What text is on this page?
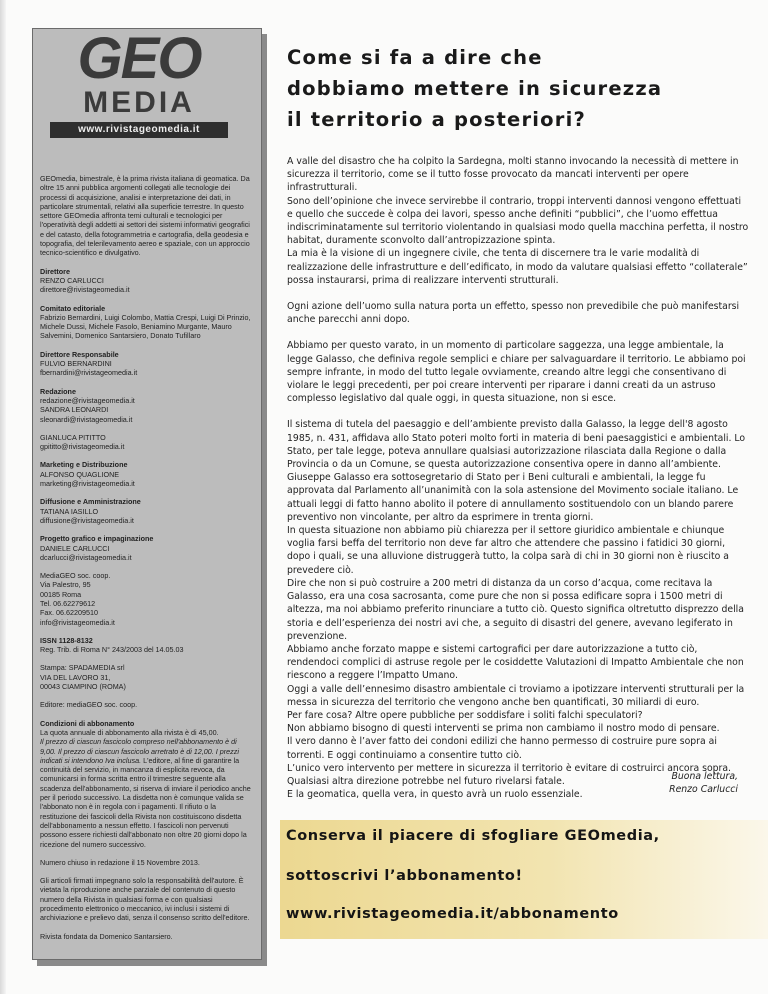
GEO
MEDIA
www.rivistageomedia.it

GEOmedia, bimestrale, è la prima rivista italiana di geomatica. Da oltre 15 anni pubblica argomenti collegati alle tecnologie dei processi di acquisizione, analisi e interpretazione dei dati, in particolare strumentali, relativi alla superficie terrestre. In questo settore GEOmedia affronta temi culturali e tecnologici per l'operatività degli addetti ai settori dei sistemi informativi geografici e del catasto, della fotogrammetria e cartografia, della geodesia e topografia, del telerilevamento aereo e spaziale, con un approccio tecnico-scientifico e divulgativo.

Direttore
RENZO CARLUCCI
direttore@rivistageomedia.it

Comitato editoriale
Fabrizio Bernardini, Luigi Colombo, Mattia Crespi, Luigi Di Prinzio, Michele Dussi, Michele Fasolo, Beniamino Murgante, Mauro Salvemini, Domenico Santarsiero, Donato Tufillaro

Direttore Responsabile
FULVIO BERNARDINI
fbernardini@rivistageomedia.it

Redazione
redazione@rivistageomedia.it
SANDRA LEONARDI
sleonardi@rivistageomedia.it

GIANLUCA PITITTO
gpititto@rivistageomedia.it

Marketing e Distribuzione
ALFONSO QUAGLIONE
marketing@rivistageomedia.it

Diffusione e Amministrazione
TATIANA IASILLO
diffusione@rivistageomedia.it

Progetto grafico e impaginazione
DANIELE CARLUCCI
dcarlucci@rivistageomedia.it

MediaGEO soc. coop.
Via Palestro, 95
00185 Roma
Tel. 06.62279612
Fax. 06.62209510
info@rivistageomedia.it

ISSN 1128-8132
Reg. Trib. di Roma N° 243/2003 del 14.05.03

Stampa: SPADAMEDIA srl
VIA DEL LAVORO 31,
00043 CIAMPINO (ROMA)

Editore: mediaGEO soc. coop.

Condizioni di abbonamento
La quota annuale di abbonamento alla rivista è di 45,00.
Il prezzo di ciascun fascicolo compreso nell'abbonamento è di 9,00. Il prezzo di ciascun fascicolo arretrato è di 12,00. I prezzi indicati si intendono Iva inclusa. L'editore, al fine di garantire la continuità del servizio, in mancanza di esplicita revoca, da comunicarsi in forma scritta entro il trimestre seguente alla scadenza dell'abbonamento, si riserva di inviare il periodico anche per il periodo successivo. La disdetta non è comunque valida se l'abbonato non è in regola con i pagamenti. Il rifiuto o la restituzione dei fascicoli della Rivista non costituiscono disdetta dell'abbonamento a nessun effetto. I fascicoli non pervenuti possono essere richiesti dall'abbonato non oltre 20 giorni dopo la ricezione del numero successivo.

Numero chiuso in redazione il 15 Novembre 2013.

Gli articoli firmati impegnano solo la responsabilità dell'autore. È vietata la riproduzione anche parziale del contenuto di questo numero della Rivista in qualsiasi forma e con qualsiasi procedimento elettronico o meccanico, ivi inclusi i sistemi di archiviazione e prelievo dati, senza il consenso scritto dell'editore.

Rivista fondata da Domenico Santarsiero.

Come si fa a dire che
dobbiamo mettere in sicurezza
il territorio a posteriori?

A valle del disastro che ha colpito la Sardegna, molti stanno invocando la necessità di mettere in sicurezza il territorio, come se il tutto fosse provocato da mancati interventi per opere infrastrutturali.
Sono dell’opinione che invece servirebbe il contrario, troppi interventi dannosi vengono effettuati e quello che succede è colpa dei lavori, spesso anche definiti “pubblici”, che l’uomo effettua indiscriminatamente sul territorio violentando in qualsiasi modo quella macchina perfetta, il nostro habitat, duramente sconvolto dall’antropizzazione spinta.
La mia è la visione di un ingegnere civile, che tenta di discernere tra le varie modalità di realizzazione delle infrastrutture e dell’edificato, in modo da valutare qualsiasi effetto “collaterale” possa instaurarsi, prima di realizzare interventi strutturali.

Ogni azione dell’uomo sulla natura porta un effetto, spesso non prevedibile che può manifestarsi anche parecchi anni dopo.

Abbiamo per questo varato, in un momento di particolare saggezza, una legge ambientale, la legge Galasso, che definiva regole semplici e chiare per salvaguardare il territorio. Le abbiamo poi sempre infrante, in modo del tutto legale ovviamente, creando altre leggi che consentivano di violare le leggi precedenti, per poi creare interventi per riparare i danni creati da un astruso complesso legislativo dal quale oggi, in questa situazione, non si esce.

Il sistema di tutela del paesaggio e dell’ambiente previsto dalla Galasso, la legge dell'8 agosto 1985, n. 431, affidava allo Stato poteri molto forti in materia di beni paesaggistici e ambientali. Lo Stato, per tale legge, poteva annullare qualsiasi autorizzazione rilasciata dalla Regione o dalla Provincia o da un Comune, se questa autorizzazione consentiva opere in danno all’ambiente.
Giuseppe Galasso era sottosegretario di Stato per i Beni culturali e ambientali, la legge fu approvata dal Parlamento all’unanimità con la sola astensione del Movimento sociale italiano. Le attuali leggi di fatto hanno abolito il potere di annullamento sostituendolo con un blando parere preventivo non vincolante, per altro da esprimere in trenta giorni.
In questa situazione non abbiamo più chiarezza per il settore giuridico ambientale e chiunque voglia farsi beffa del territorio non deve far altro che attendere che passino i fatidici 30 giorni, dopo i quali, se una alluvione distruggerà tutto, la colpa sarà di chi in 30 giorni non è riuscito a prevedere ciò.
Dire che non si può costruire a 200 metri di distanza da un corso d’acqua, come recitava la Galasso, era una cosa sacrosanta, come pure che non si possa edificare sopra i 1500 metri di altezza, ma noi abbiamo preferito rinunciare a tutto ciò. Questo significa oltretutto disprezzo della storia e dell’esperienza dei nostri avi che, a seguito di disastri del genere, avevano legiferato in prevenzione.
Abbiamo anche forzato mappe e sistemi cartografici per dare autorizzazione a tutto ciò, rendendoci complici di astruse regole per le cosiddette Valutazioni di Impatto Ambientale che non riescono a reggere l’Impatto Umano.
Oggi a valle dell’ennesimo disastro ambientale ci troviamo a ipotizzare interventi strutturali per la messa in sicurezza del territorio che vengono anche ben quantificati, 30 miliardi di euro.
Per fare cosa? Altre opere pubbliche per soddisfare i soliti falchi speculatori?
Non abbiamo bisogno di questi interventi se prima non cambiamo il nostro modo di pensare.
Il vero danno è l’aver fatto dei condoni edilizi che hanno permesso di costruire pure sopra ai torrenti. E oggi continuiamo a consentire tutto ciò.
L’unico vero intervento per mettere in sicurezza il territorio è evitare di costruirci ancora sopra.
Qualsiasi altra direzione potrebbe nel futuro rivelarsi fatale.
E la geomatica, quella vera, in questo avrà un ruolo essenziale.

Buona lettura,
Renzo Carlucci
Conserva il piacere di sfogliare GEOmedia,
sottoscrivi l’abbonamento!
www.rivistageomedia.it/abbonamento
